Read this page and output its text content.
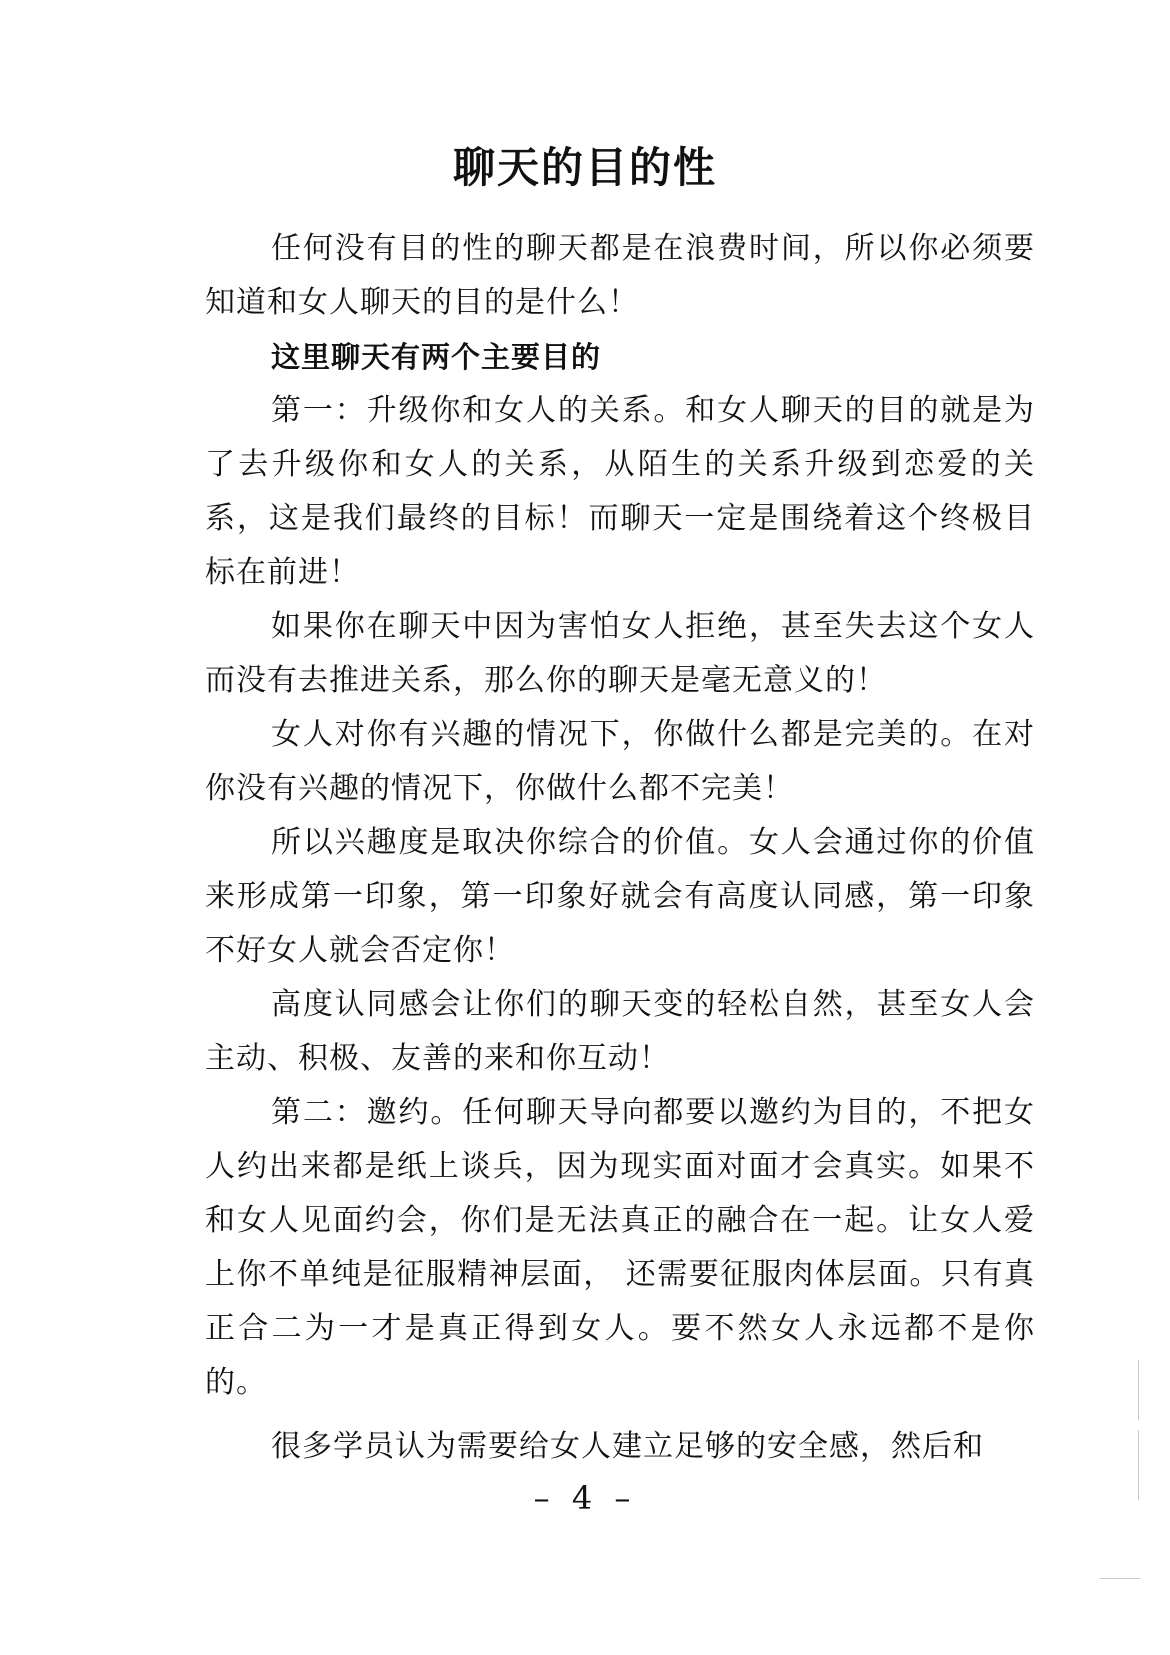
聊天的目的性

任何没有目的性的聊天都是在浪费时间，所以你必须要知道和女人聊天的目的是什么！

这里聊天有两个主要目的

第一：升级你和女人的关系。和女人聊天的目的就是为了去升级你和女人的关系，从陌生的关系升级到恋爱的关系，这是我们最终的目标！而聊天一定是围绕着这个终极目标在前进！

如果你在聊天中因为害怕女人拒绝，甚至失去这个女人而没有去推进关系，那么你的聊天是毫无意义的！

女人对你有兴趣的情况下，你做什么都是完美的。在对你没有兴趣的情况下，你做什么都不完美！

所以兴趣度是取决你综合的价值。女人会通过你的价值来形成第一印象，第一印象好就会有高度认同感，第一印象不好女人就会否定你！

高度认同感会让你们的聊天变的轻松自然，甚至女人会主动、积极、友善的来和你互动！

第二：邀约。任何聊天导向都要以邀约为目的，不把女人约出来都是纸上谈兵，因为现实面对面才会真实。如果不和女人见面约会，你们是无法真正的融合在一起。让女人爱上你不单纯是征服精神层面， 还需要征服肉体层面。只有真正合二为一才是真正得到女人。要不然女人永远都不是你的。

很多学员认为需要给女人建立足够的安全感，然后和

– 4 –
